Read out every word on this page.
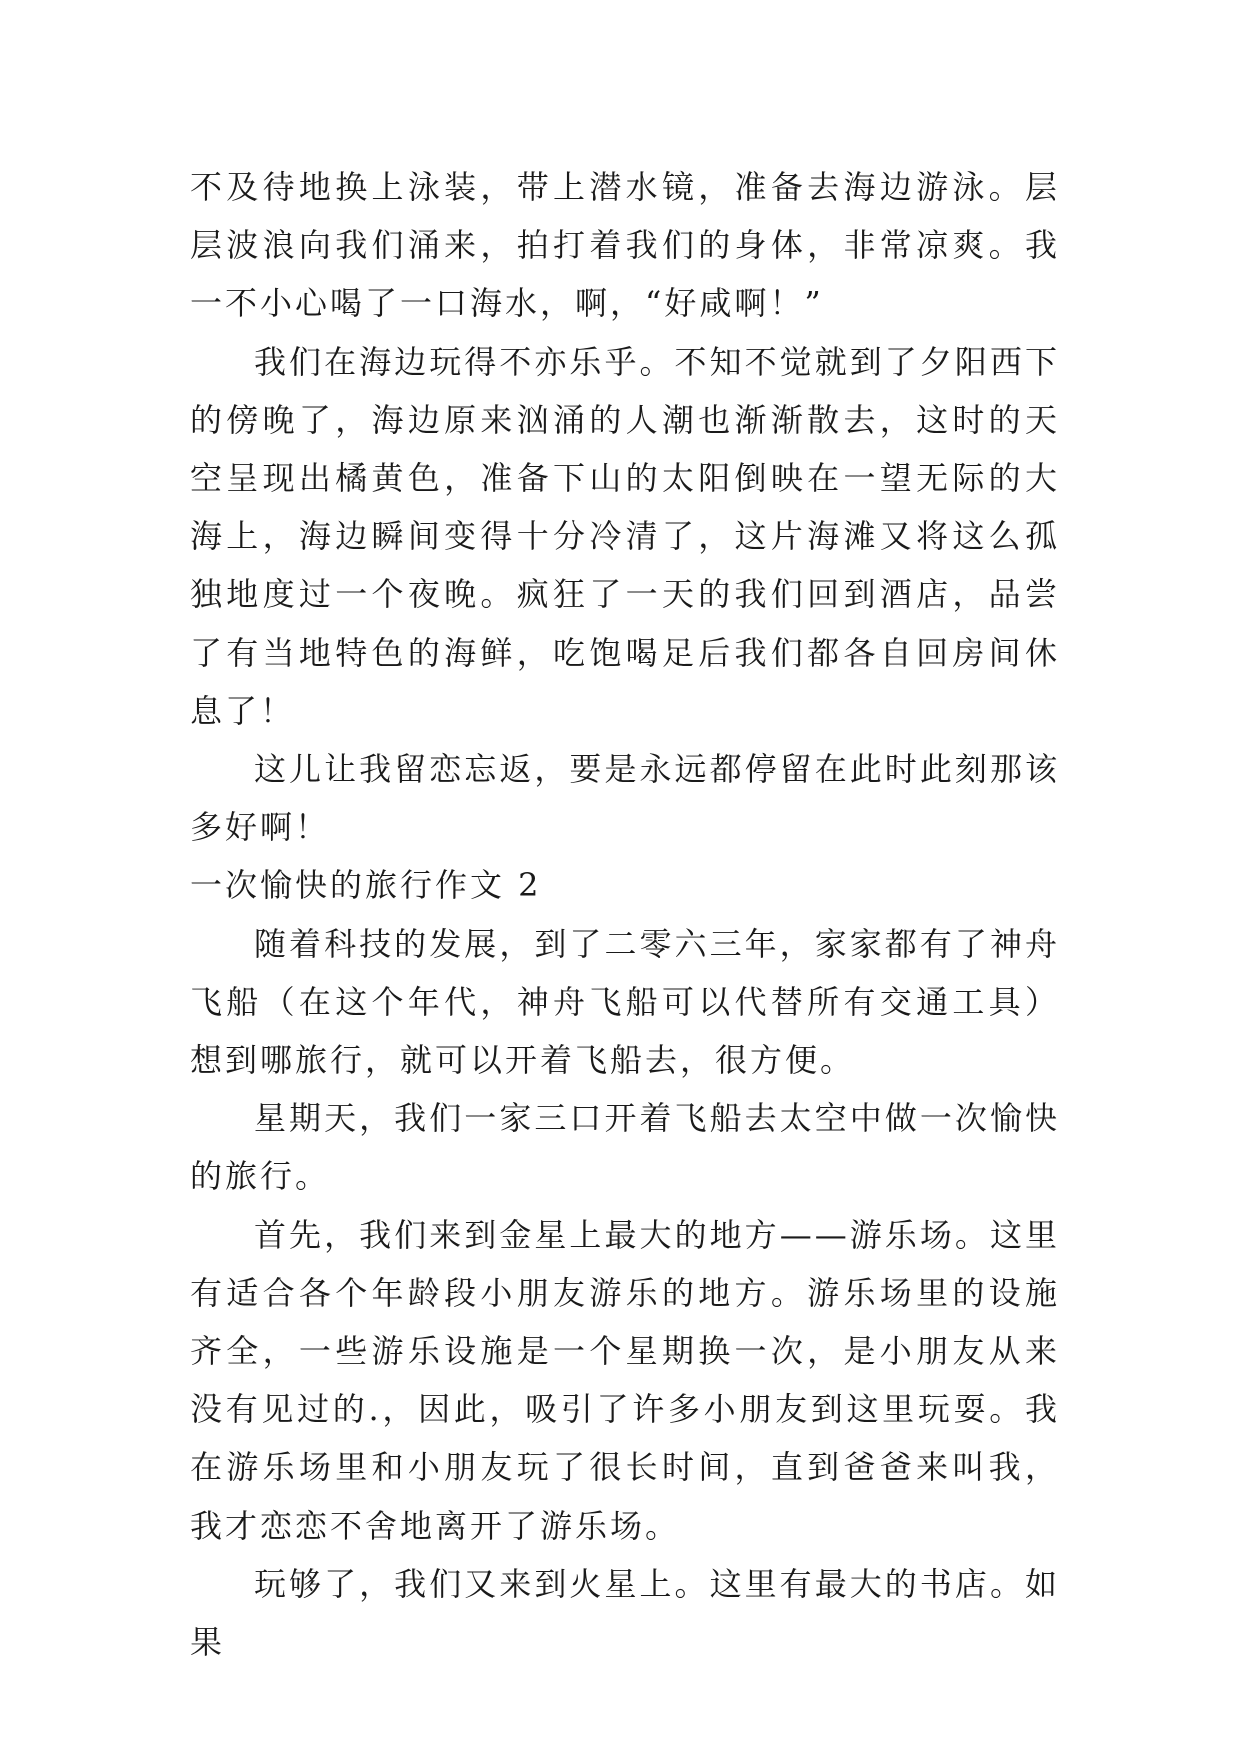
不及待地换上泳装，带上潜水镜，准备去海边游泳。层层波浪向我们涌来，拍打着我们的身体，非常凉爽。我一不小心喝了一口海水，啊，“好咸啊！”

我们在海边玩得不亦乐乎。不知不觉就到了夕阳西下的傍晚了，海边原来汹涌的人潮也渐渐散去，这时的天空呈现出橘黄色，准备下山的太阳倒映在一望无际的大海上，海边瞬间变得十分冷清了，这片海滩又将这么孤独地度过一个夜晚。疯狂了一天的我们回到酒店，品尝了有当地特色的海鲜，吃饱喝足后我们都各自回房间休息了！

这儿让我留恋忘返，要是永远都停留在此时此刻那该多好啊！

一次愉快的旅行作文 2

随着科技的发展，到了二零六三年，家家都有了神舟飞船（在这个年代，神舟飞船可以代替所有交通工具）想到哪旅行，就可以开着飞船去，很方便。

星期天，我们一家三口开着飞船去太空中做一次愉快的旅行。

首先，我们来到金星上最大的地方——游乐场。这里有适合各个年龄段小朋友游乐的地方。游乐场里的设施齐全，一些游乐设施是一个星期换一次，是小朋友从来没有见过的.，因此，吸引了许多小朋友到这里玩耍。我在游乐场里和小朋友玩了很长时间，直到爸爸来叫我，我才恋恋不舍地离开了游乐场。

玩够了，我们又来到火星上。这里有最大的书店。如果
